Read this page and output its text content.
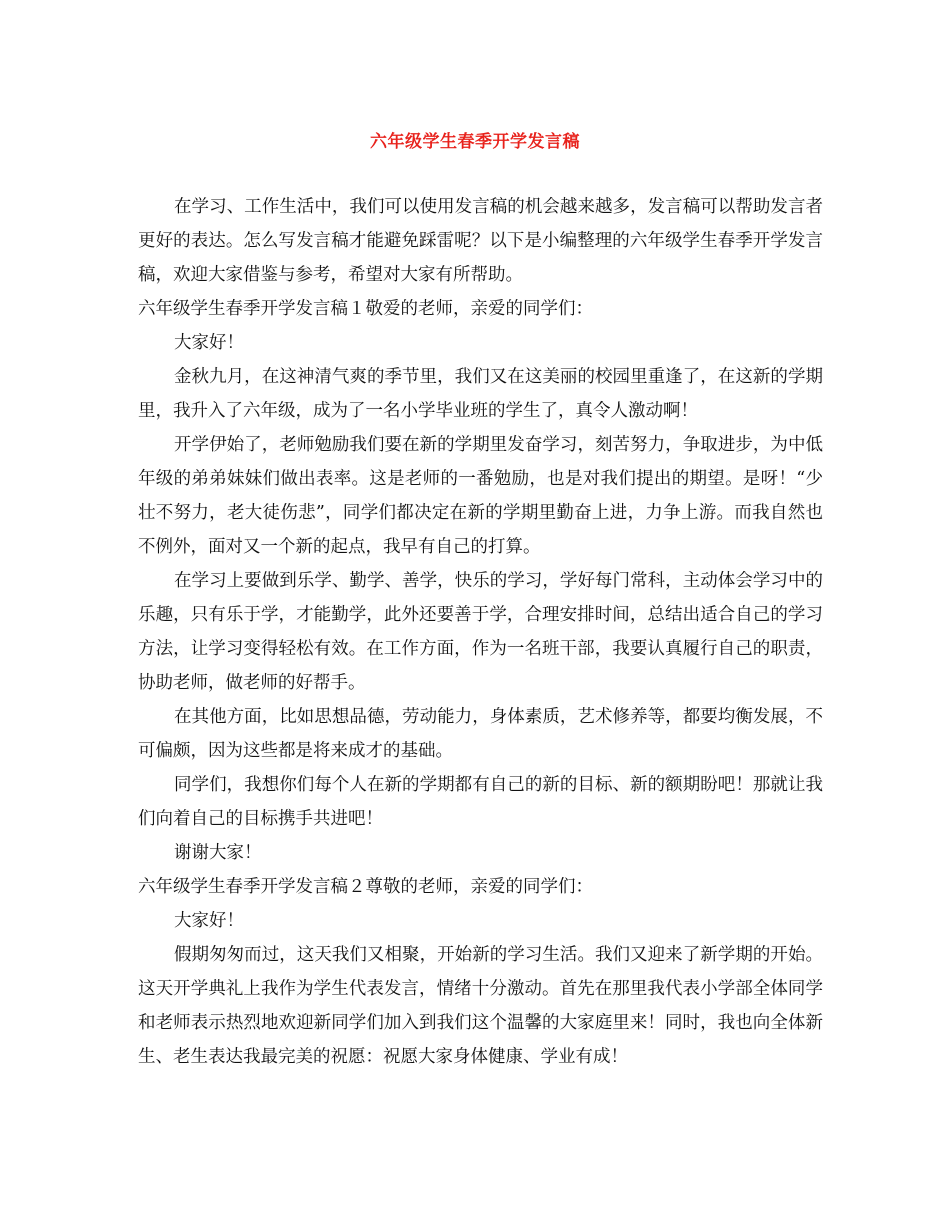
六年级学生春季开学发言稿

在学习、工作生活中，我们可以使用发言稿的机会越来越多，发言稿可以帮助发言者更好的表达。怎么写发言稿才能避免踩雷呢？以下是小编整理的六年级学生春季开学发言稿，欢迎大家借鉴与参考，希望对大家有所帮助。

六年级学生春季开学发言稿１敬爱的老师，亲爱的同学们：

大家好！

金秋九月，在这神清气爽的季节里，我们又在这美丽的校园里重逢了，在这新的学期里，我升入了六年级，成为了一名小学毕业班的学生了，真令人激动啊！

开学伊始了，老师勉励我们要在新的学期里发奋学习，刻苦努力，争取进步，为中低年级的弟弟妹妹们做出表率。这是老师的一番勉励，也是对我们提出的期望。是呀！“少壮不努力，老大徒伤悲”，同学们都决定在新的学期里勤奋上进，力争上游。而我自然也不例外，面对又一个新的起点，我早有自己的打算。

在学习上要做到乐学、勤学、善学，快乐的学习，学好每门常科，主动体会学习中的乐趣，只有乐于学，才能勤学，此外还要善于学，合理安排时间，总结出适合自己的学习方法，让学习变得轻松有效。在工作方面，作为一名班干部，我要认真履行自己的职责，协助老师，做老师的好帮手。

在其他方面，比如思想品德，劳动能力，身体素质，艺术修养等，都要均衡发展，不可偏颇，因为这些都是将来成才的基础。

同学们，我想你们每个人在新的学期都有自己的新的目标、新的额期盼吧！那就让我们向着自己的目标携手共进吧！

谢谢大家！

六年级学生春季开学发言稿２尊敬的老师，亲爱的同学们：

大家好！

假期匆匆而过，这天我们又相聚，开始新的学习生活。我们又迎来了新学期的开始。这天开学典礼上我作为学生代表发言，情绪十分激动。首先在那里我代表小学部全体同学和老师表示热烈地欢迎新同学们加入到我们这个温馨的大家庭里来！同时，我也向全体新生、老生表达我最完美的祝愿：祝愿大家身体健康、学业有成！
